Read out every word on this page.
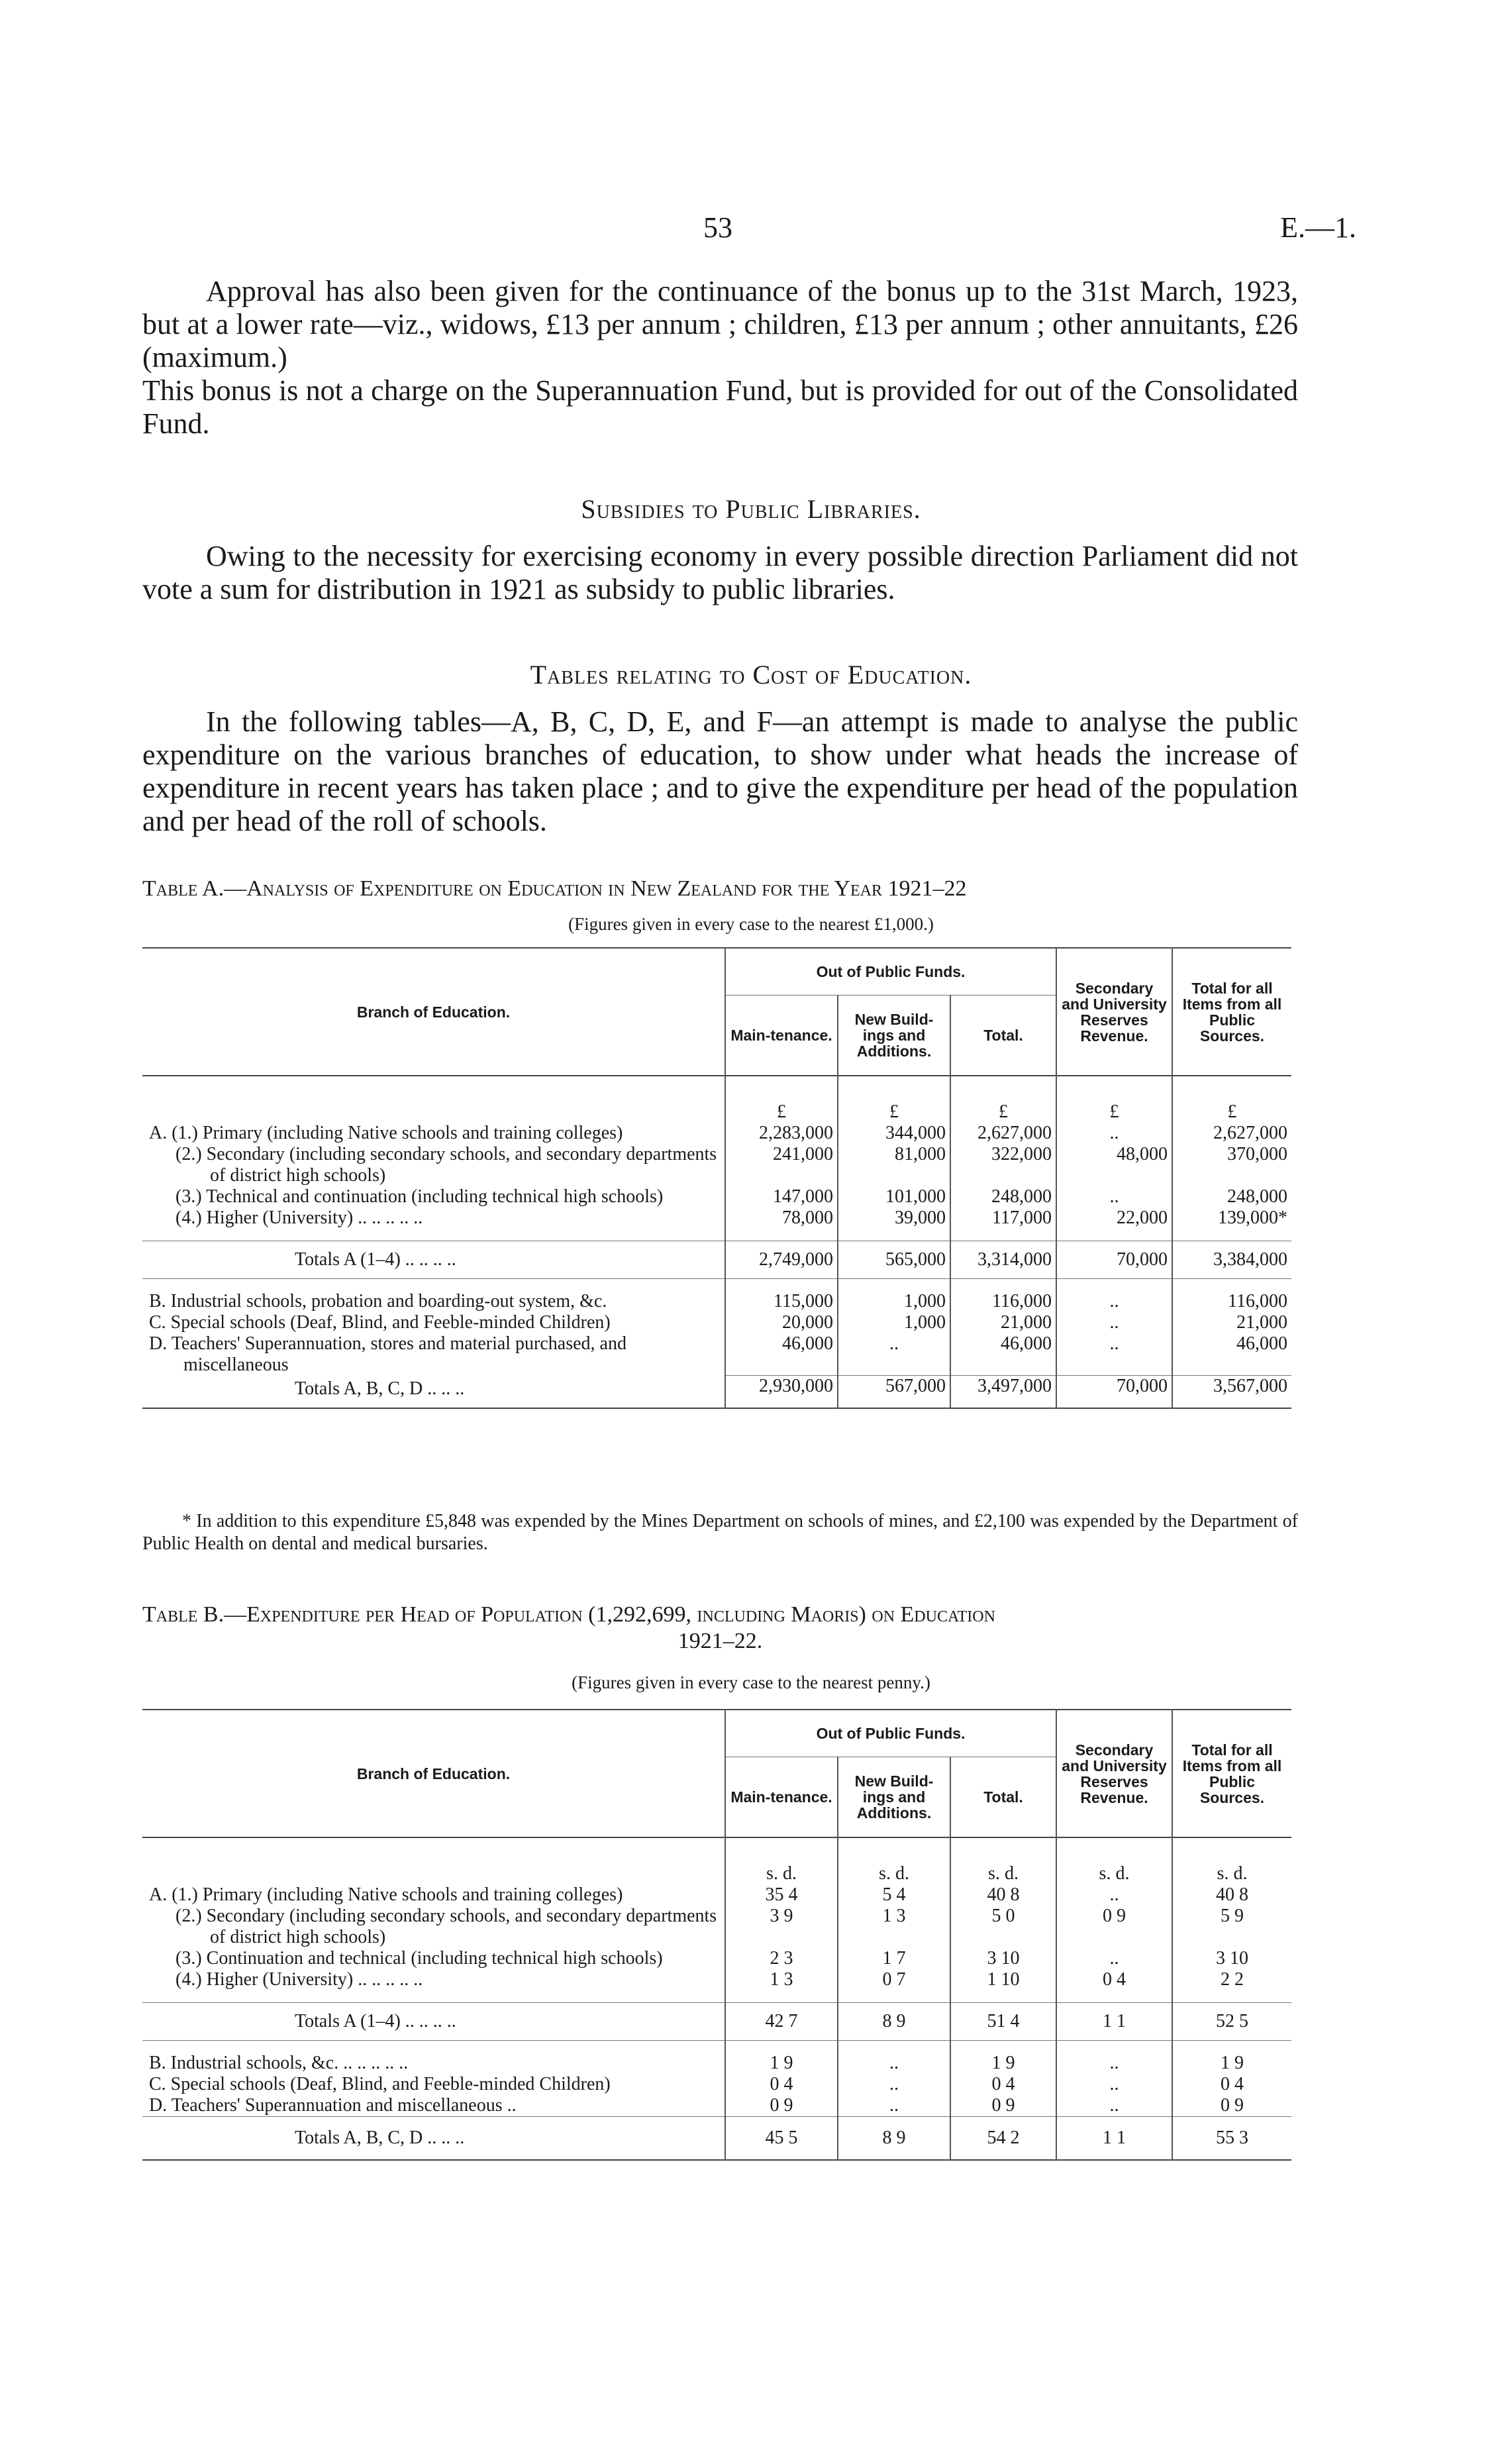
53	E.—1.

Approval has also been given for the continuance of the bonus up to the 31st March, 1923, but at a lower rate—viz., widows, £13 per annum ; children, £13 per annum ; other annuitants, £26 (maximum.)

This bonus is not a charge on the Superannuation Fund, but is provided for out of the Consolidated Fund.

Subsidies to Public Libraries.

Owing to the necessity for exercising economy in every possible direction Parliament did not vote a sum for distribution in 1921 as subsidy to public libraries.

Tables relating to Cost of Education.

In the following tables—A, B, C, D, E, and F—an attempt is made to analyse the public expenditure on the various branches of education, to show under what heads the increase of expenditure in recent years has taken place ; and to give the expenditure per head of the population and per head of the roll of schools.

Table A.—Analysis of Expenditure on Education in New Zealand for the Year 1921–22
(Figures given in every case to the nearest £1,000.)
Branch of Education.	Out of Public Funds.			Secondary and University Reserves Revenue.	Total for all Items from all Public Sources.
	Main-tenance.	New Build-ings and Additions.	Total.		
	£	£	£	£	£

A. (1.) Primary (including Native schools and training colleges)	2,283,000	344,000	2,627,000	..	2,627,000

(2.) Secondary (including secondary schools, and secondary departments of district high schools)	241,000	81,000	322,000	48,000	370,000

(3.) Technical and continuation (including technical high schools)	147,000	101,000	248,000	..	248,000

(4.) Higher (University) .. .. .. .. ..	78,000	39,000	117,000	22,000	139,000*

Totals A (1–4) .. .. .. ..	2,749,000	565,000	3,314,000	70,000	3,384,000

B. Industrial schools, probation and boarding-out system, &c.	115,000	1,000	116,000	..	116,000

C. Special schools (Deaf, Blind, and Feeble-minded Children)	20,000	1,000	21,000	..	21,000

D. Teachers' Superannuation, stores and material purchased, and miscellaneous	46,000	..	46,000	..	46,000
Totals A, B, C, D .. .. ..	2,930,000	567,000	3,497,000	70,000	3,567,000
* In addition to this expenditure £5,848 was expended by the Mines Department on schools of mines, and £2,100 was expended by the Department of Public Health on dental and medical bursaries.
Table B.—Expenditure per Head of Population (1,292,699, including Maoris) on Education
1921–22.
(Figures given in every case to the nearest penny.)
Branch of Education.	Out of Public Funds.			Secondary and University Reserves Revenue.	Total for all Items from all Public Sources.
	Main-tenance.	New Build-ings and Additions.	Total.		
	s. d.	s. d.	s. d.	s. d.	s. d.

A. (1.) Primary (including Native schools and training colleges)	35 4	5 4	40 8	..	40 8

(2.) Secondary (including secondary schools, and secondary departments of district high schools)	3 9	1 3	5 0	0 9	5 9

(3.) Continuation and technical (including technical high schools)	2 3	1 7	3 10	..	3 10

(4.) Higher (University) .. .. .. .. ..	1 3	0 7	1 10	0 4	2 2

Totals A (1–4) .. .. .. ..	42 7	8 9	51 4	1 1	52 5

B. Industrial schools, &c. .. .. .. .. ..	1 9	..	1 9	..	1 9

C. Special schools (Deaf, Blind, and Feeble-minded Children)	0 4	..	0 4	..	0 4

D. Teachers' Superannuation and miscellaneous ..	0 9	..	0 9	..	0 9
Totals A, B, C, D .. .. ..	45 5	8 9	54 2	1 1	55 3
